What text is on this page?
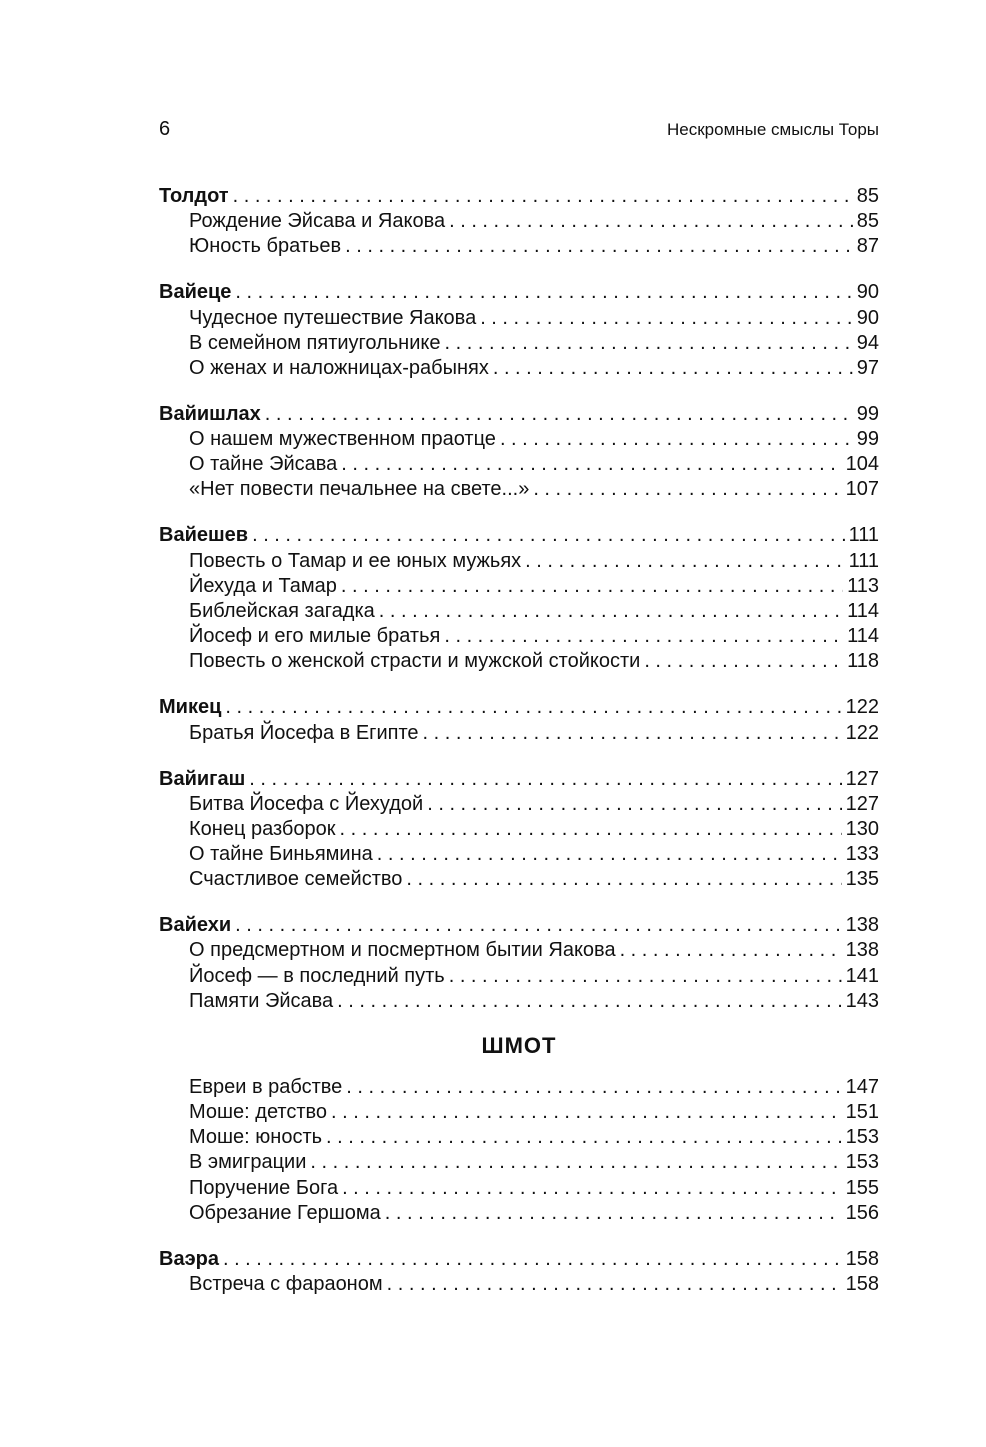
6	Нескромные смыслы Торы
Толдот . . .	85
Рождение Эйсава и Яакова . . .	85
Юность братьев . . .	87
Вайеце . . .	90
Чудесное путешествие Яакова . . .	90
В семейном пятиугольнике . . .	94
О женах и наложницах-рабынях . . .	97
Вайишлах . . .	99
О нашем мужественном праотце . . .	99
О тайне Эйсава . . .	104
«Нет повести печальнее на свете...» . . .	107
Вайешев . . .	111
Повесть о Тамар и ее юных мужьях . . .	111
Йехуда и Тамар . . .	113
Библейская загадка . . .	114
Йосеф и его милые братья . . .	114
Повесть о женской страсти и мужской стойкости . . .	118
Микец . . .	122
Братья Йосефа в Египте . . .	122
Вайигаш . . .	127
Битва Йосефа с Йехудой . . .	127
Конец разборок . . .	130
О тайне Биньямина . . .	133
Счастливое семейство . . .	135
Вайехи . . .	138
О предсмертном и посмертном бытии Яакова . . .	138
Йосеф — в последний путь . . .	141
Памяти Эйсава . . .	143
ШМОТ
Евреи в рабстве . . .	147
Моше: детство . . .	151
Моше: юность . . .	153
В эмиграции . . .	153
Поручение Бога . . .	155
Обрезание Гершома . . .	156
Ваэра . . .	158
Встреча с фараоном . . .	158
